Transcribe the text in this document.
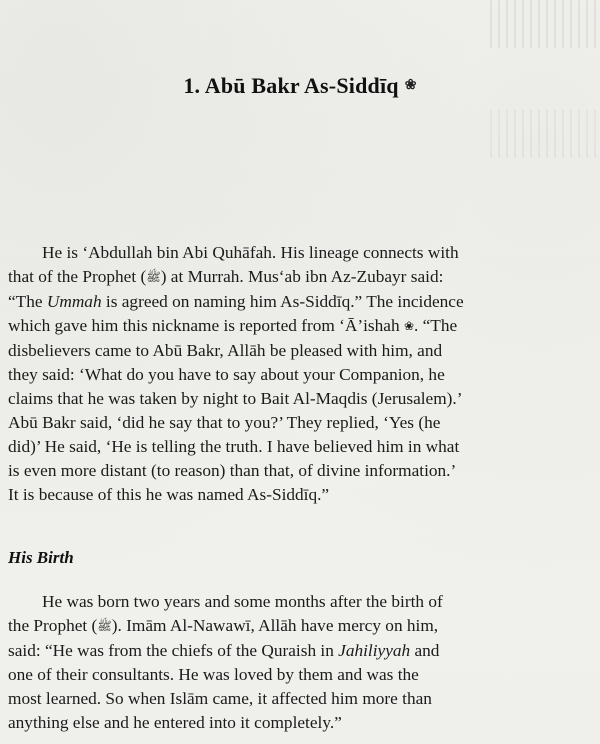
1. Abū Bakr As-Siddīq ❀

He is ‘Abdullah bin Abi Quhāfah. His lineage connects with
that of the Prophet (ﷺ) at Murrah. Mus‘ab ibn Az-Zubayr said:
“The Ummah is agreed on naming him As-Siddīq.” The incidence
which gave him this nickname is reported from ‘Ā’ishah ❀. “The
disbelievers came to Abū Bakr, Allāh be pleased with him, and
they said: ‘What do you have to say about your Companion, he
claims that he was taken by night to Bait Al-Maqdis (Jerusalem).’
Abū Bakr said, ‘did he say that to you?’ They replied, ‘Yes (he
did)’ He said, ‘He is telling the truth. I have believed him in what
is even more distant (to reason) than that, of divine information.’
It is because of this he was named As-Siddīq.”

His Birth

He was born two years and some months after the birth of
the Prophet (ﷺ). Imām Al-Nawawī, Allāh have mercy on him,
said: “He was from the chiefs of the Quraish in Jahiliyyah and
one of their consultants. He was loved by them and was the
most learned. So when Islām came, it affected him more than
anything else and he entered into it completely.”
